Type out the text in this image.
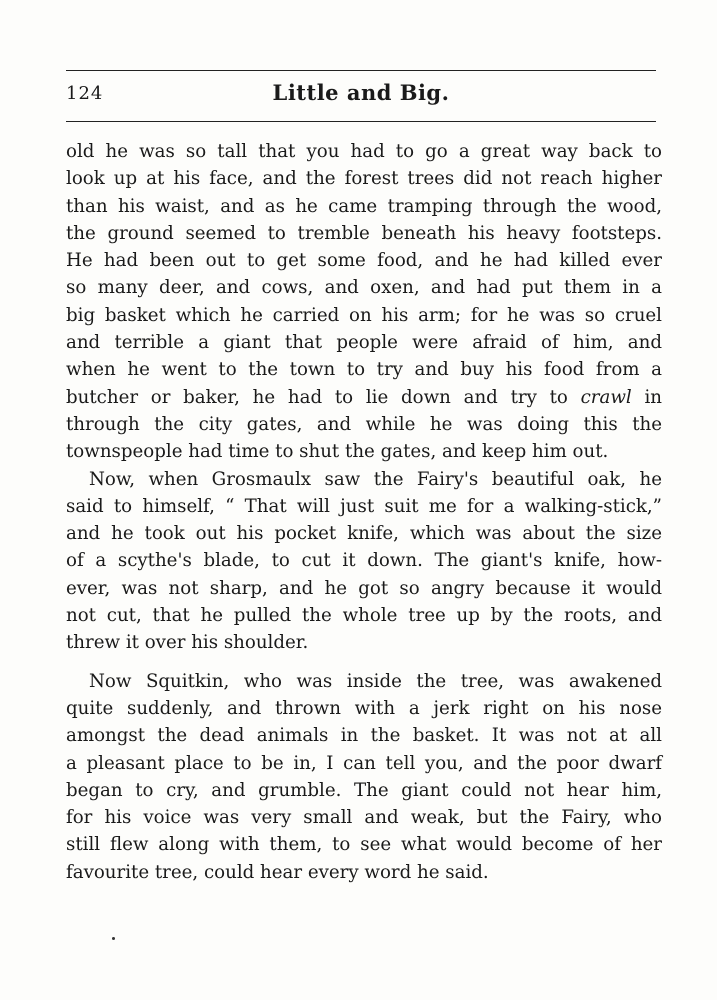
124	Little and Big.
old he was so tall that you had to go a great way back to
look up at his face, and the forest trees did not reach higher
than his waist, and as he came tramping through the wood,
the ground seemed to tremble beneath his heavy footsteps.
He had been out to get some food, and he had killed ever
so many deer, and cows, and oxen, and had put them in a
big basket which he carried on his arm; for he was so cruel
and terrible a giant that people were afraid of him, and
when he went to the town to try and buy his food from a
butcher or baker, he had to lie down and try to crawl in
through the city gates, and while he was doing this the
townspeople had time to shut the gates, and keep him out.
Now, when Grosmaulx saw the Fairy's beautiful oak, he
said to himself, “ That will just suit me for a walking-stick,”
and he took out his pocket knife, which was about the size
of a scythe's blade, to cut it down. The giant's knife, how-
ever, was not sharp, and he got so angry because it would
not cut, that he pulled the whole tree up by the roots, and
threw it over his shoulder.
Now Squitkin, who was inside the tree, was awakened
quite suddenly, and thrown with a jerk right on his nose
amongst the dead animals in the basket. It was not at all
a pleasant place to be in, I can tell you, and the poor dwarf
began to cry, and grumble. The giant could not hear him,
for his voice was very small and weak, but the Fairy, who
still flew along with them, to see what would become of her
favourite tree, could hear every word he said.
